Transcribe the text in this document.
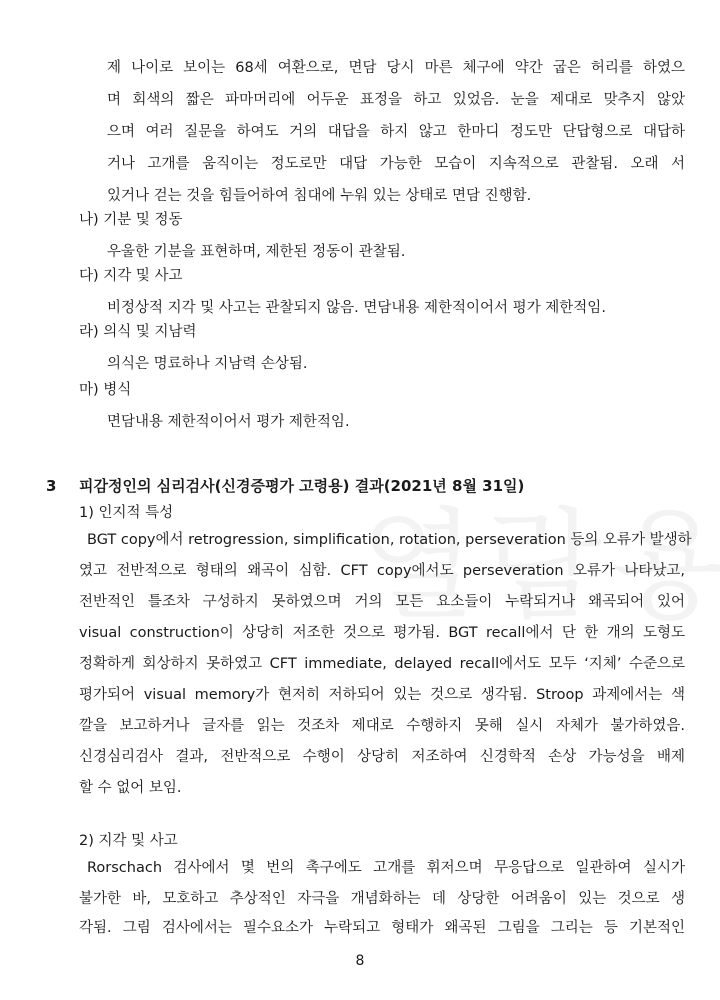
제 나이로 보이는 68세 여환으로, 면담 당시 마른 체구에 약간 굽은 허리를 하였으
며 회색의 짧은 파마머리에 어두운 표정을 하고 있었음. 눈을 제대로 맞추지 않았
으며 여러 질문을 하여도 거의 대답을 하지 않고 한마디 정도만 단답형으로 대답하
거나 고개를 움직이는 정도로만 대답 가능한 모습이 지속적으로 관찰됨. 오래 서
있거나 걷는 것을 힘들어하여 침대에 누워 있는 상태로 면담 진행함.
나) 기분 및 정동
우울한 기분을 표현하며, 제한된 정동이 관찰됨.
다) 지각 및 사고
비정상적 지각 및 사고는 관찰되지 않음. 면담내용 제한적이어서 평가 제한적임.
라) 의식 및 지남력
의식은 명료하나 지남력 손상됨.
마) 병식
면담내용 제한적이어서 평가 제한적임.
3 피감정인의 심리검사(신경증평가 고령용) 결과(2021년 8월 31일)
1) 인지적 특성
BGT copy에서 retrogression, simplification, rotation, perseveration 등의 오류가 발생하
였고 전반적으로 형태의 왜곡이 심함. CFT copy에서도 perseveration 오류가 나타났고,
전반적인 틀조차 구성하지 못하였으며 거의 모든 요소들이 누락되거나 왜곡되어 있어
visual construction이 상당히 저조한 것으로 평가됨. BGT recall에서 단 한 개의 도형도
정확하게 회상하지 못하였고 CFT immediate, delayed recall에서도 모두 ‘지체’ 수준으로
평가되어 visual memory가 현저히 저하되어 있는 것으로 생각됨. Stroop 과제에서는 색
깔을 보고하거나 글자를 읽는 것조차 제대로 수행하지 못해 실시 자체가 불가하였음.
신경심리검사 결과, 전반적으로 수행이 상당히 저조하여 신경학적 손상 가능성을 배제
할 수 없어 보임.
2) 지각 및 사고
Rorschach 검사에서 몇 번의 촉구에도 고개를 휘저으며 무응답으로 일관하여 실시가
불가한 바, 모호하고 추상적인 자극을 개념화하는 데 상당한 어려움이 있는 것으로 생
각됨. 그림 검사에서는 필수요소가 누락되고 형태가 왜곡된 그림을 그리는 등 기본적인
8
